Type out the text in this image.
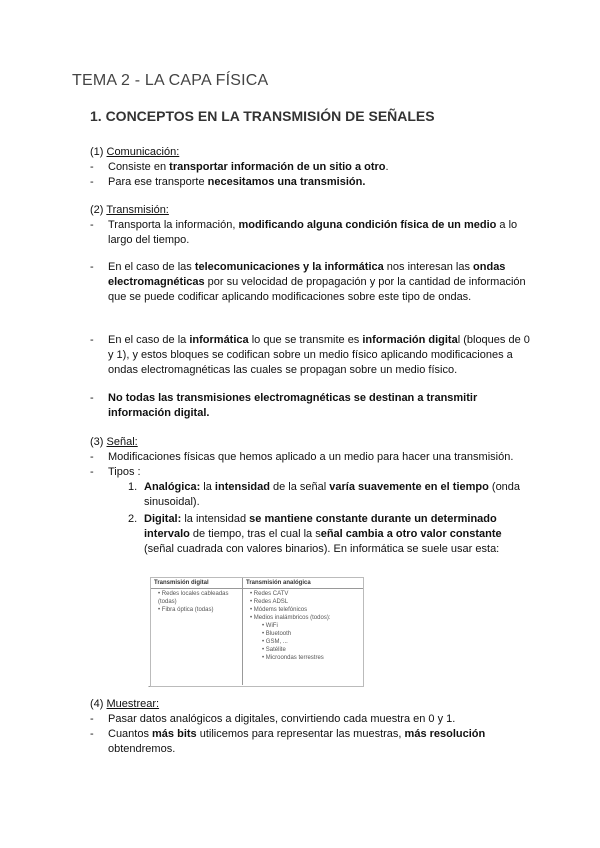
TEMA 2 - LA CAPA FÍSICA
1. CONCEPTOS EN LA TRANSMISIÓN DE SEÑALES

(1) Comunicación:

- Consiste en transportar información de un sitio a otro.

- Para ese transporte necesitamos una transmisión.

(2) Transmisión:

- Transporta la información, modificando alguna condición física de un medio a lo largo del tiempo.

- En el caso de las telecomunicaciones y la informática nos interesan las ondas electromagnéticas por su velocidad de propagación y por la cantidad de información que se puede codificar aplicando modificaciones sobre este tipo de ondas.

- En el caso de la informática lo que se transmite es información digital (bloques de 0 y 1), y estos bloques se codifican sobre un medio físico aplicando modificaciones a ondas electromagnéticas las cuales se propagan sobre un medio físico.

- No todas las transmisiones electromagnéticas se destinan a transmitir información digital.

(3) Señal:

- Modificaciones físicas que hemos aplicado a un medio para hacer una transmisión.

- Tipos :

1. Analógica: la intensidad de la señal varía suavemente en el tiempo (onda sinusoidal).

2. Digital: la intensidad se mantiene constante durante un determinado intervalo de tiempo, tras el cual la señal cambia a otro valor constante (señal cuadrada con valores binarios). En informática se suele usar esta:

Transmisión digital	Transmisión analógica
• Redes locales cableadas (todas)
• Fibra óptica (todas)
• Redes CATV
• Redes ADSL
• Módems telefónicos
• Medios inalámbricos (todos):
• WiFi
• Bluetooth
• GSM, ...
• Satélite
• Microondas terrestres
.

(4) Muestrear:

- Pasar datos analógicos a digitales, convirtiendo cada muestra en 0 y 1.

- Cuantos más bits utilicemos para representar las muestras, más resolución obtendremos.
